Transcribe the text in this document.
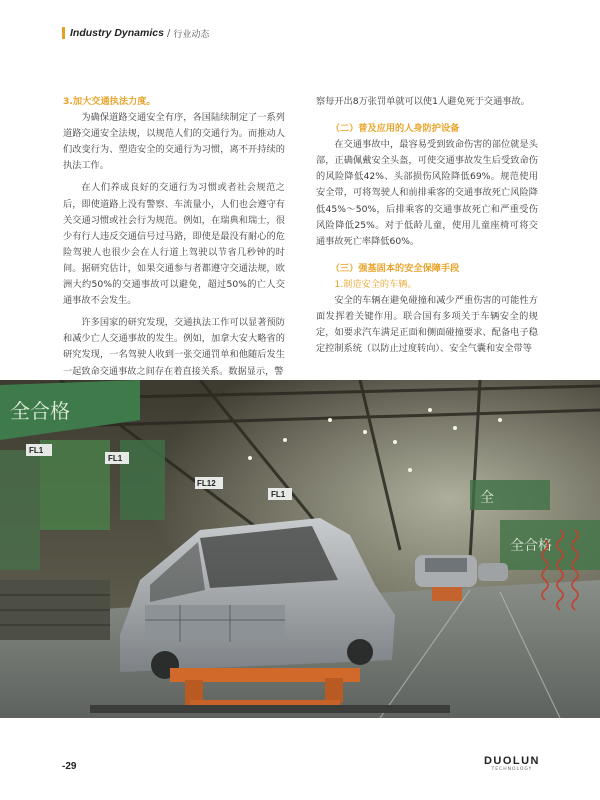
Industry Dynamics / 行业动态

3.加大交通执法力度。

为确保道路交通安全有序，各国陆续制定了一系列道路交通安全法规，以规范人们的交通行为。而推动人们改变行为、塑造安全的交通行为习惯，离不开持续的执法工作。

在人们养成良好的交通行为习惯或者社会规范之后，即使道路上没有警察、车流量小，人们也会遵守有关交通习惯或社会行为规范。例如，在瑞典和瑞士，很少有行人违反交通信号过马路，即使是最没有耐心的危险驾驶人也很少会在人行道上驾驶以节省几秒钟的时间。据研究估计，如果交通参与者都遵守交通法规，欧洲大约50%的交通事故可以避免，超过50%的亡人交通事故不会发生。

许多国家的研究发现，交通执法工作可以显著预防和减少亡人交通事故的发生。例如，加拿大安大略省的研究发现，一名驾驶人收到一张交通罚单和他随后发生一起致命交通事故之间存在着直接关系。数据显示，警

察每开出8万张罚单就可以使1人避免死于交通事故。

（二）普及应用的人身防护设备

在交通事故中，最容易受到致命伤害的部位就是头部，正确佩戴安全头盔，可使交通事故发生后受致命伤的风险降低42%、头部损伤风险降低69%。规范使用安全带，可将驾驶人和前排乘客的交通事故死亡风险降低45%～50%，后排乘客的交通事故死亡和严重受伤风险降低25%。对于低龄儿童，使用儿童座椅可将交通事故死亡率降低60%。

（三）强基固本的安全保障手段

1.制造安全的车辆。

安全的车辆在避免碰撞和减少严重伤害的可能性方面发挥着关键作用。联合国有多项关于车辆安全的规定，如要求汽车满足正面和侧面碰撞要求、配备电子稳定控制系统（以防止过度转向）、安全气囊和安全带等

全合格
FL1
FL1
FL12
FL1
全合格
全
-29	DUOLUN
TECHNOLOGY
